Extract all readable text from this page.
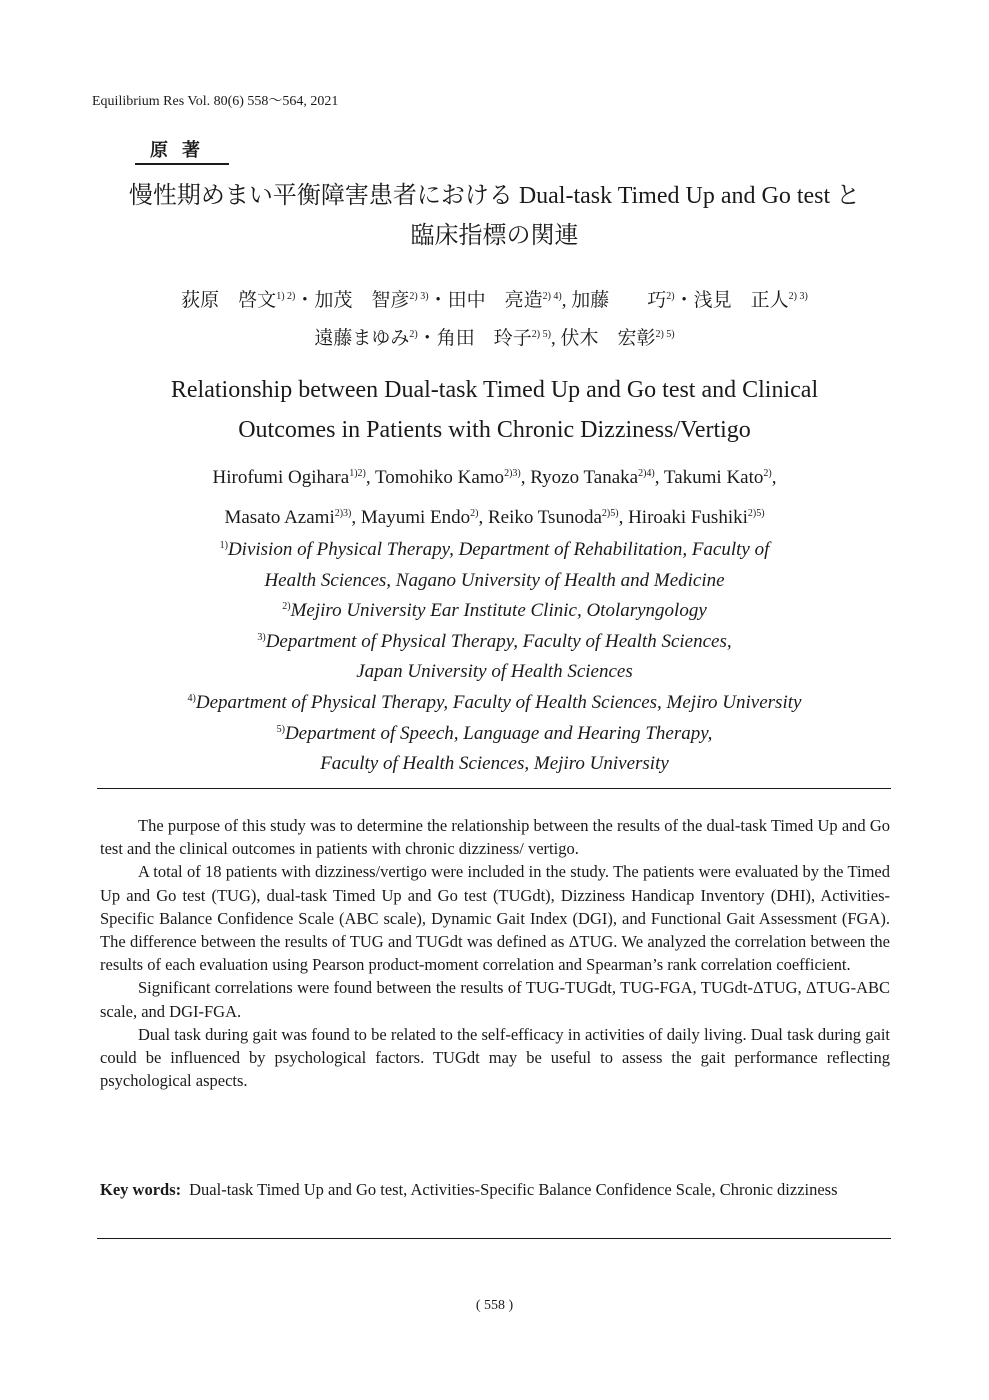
Equilibrium Res Vol. 80(6) 558～564, 2021
原著
慢性期めまい平衡障害患者における Dual-task Timed Up and Go test と
臨床指標の関連
荻原　啓文$^{1) 2)}$・加茂　智彦$^{2) 3)}$・田中　亮造$^{2) 4)}$, 加藤　　巧$^{2)}$・浅見　正人$^{2) 3)}$
遠藤まゆみ$^{2)}$・角田　玲子$^{2) 5)}$, 伏木　宏彰$^{2) 5)}$
Relationship between Dual-task Timed Up and Go test and Clinical
Outcomes in Patients with Chronic Dizziness/Vertigo
Hirofumi Ogihara$^{1)2)}$, Tomohiko Kamo$^{2)3)}$, Ryozo Tanaka$^{2)4)}$, Takumi Kato$^{2)}$,
Masato Azami$^{2)3)}$, Mayumi Endo$^{2)}$, Reiko Tsunoda$^{2)5)}$, Hiroaki Fushiki$^{2)5)}$
$^{1)}$Division of Physical Therapy, Department of Rehabilitation, Faculty of
Health Sciences, Nagano University of Health and Medicine
$^{2)}$Mejiro University Ear Institute Clinic, Otolaryngology
$^{3)}$Department of Physical Therapy, Faculty of Health Sciences,
Japan University of Health Sciences
$^{4)}$Department of Physical Therapy, Faculty of Health Sciences, Mejiro University
$^{5)}$Department of Speech, Language and Hearing Therapy,
Faculty of Health Sciences, Mejiro University

The purpose of this study was to determine the relationship between the results of the dual-task Timed Up and Go test and the clinical outcomes in patients with chronic dizziness/ vertigo.

A total of 18 patients with dizziness/vertigo were included in the study. The patients were evaluated by the Timed Up and Go test (TUG), dual-task Timed Up and Go test (TUGdt), Dizziness Handicap Inventory (DHI), Activities-Specific Balance Confidence Scale (ABC scale), Dynamic Gait Index (DGI), and Functional Gait Assessment (FGA). The difference between the results of TUG and TUGdt was defined as ΔTUG. We analyzed the correlation between the results of each evaluation using Pearson product-moment correlation and Spearman’s rank correlation coefficient.

Significant correlations were found between the results of TUG-TUGdt, TUG-FGA, TUGdt-ΔTUG, ΔTUG-ABC scale, and DGI-FGA.

Dual task during gait was found to be related to the self-efficacy in activities of daily living. Dual task during gait could be influenced by psychological factors. TUGdt may be useful to assess the gait performance reflecting psychological aspects.

Key words: Dual-task Timed Up and Go test, Activities-Specific Balance Confidence Scale, Chronic dizziness
( 558 )
